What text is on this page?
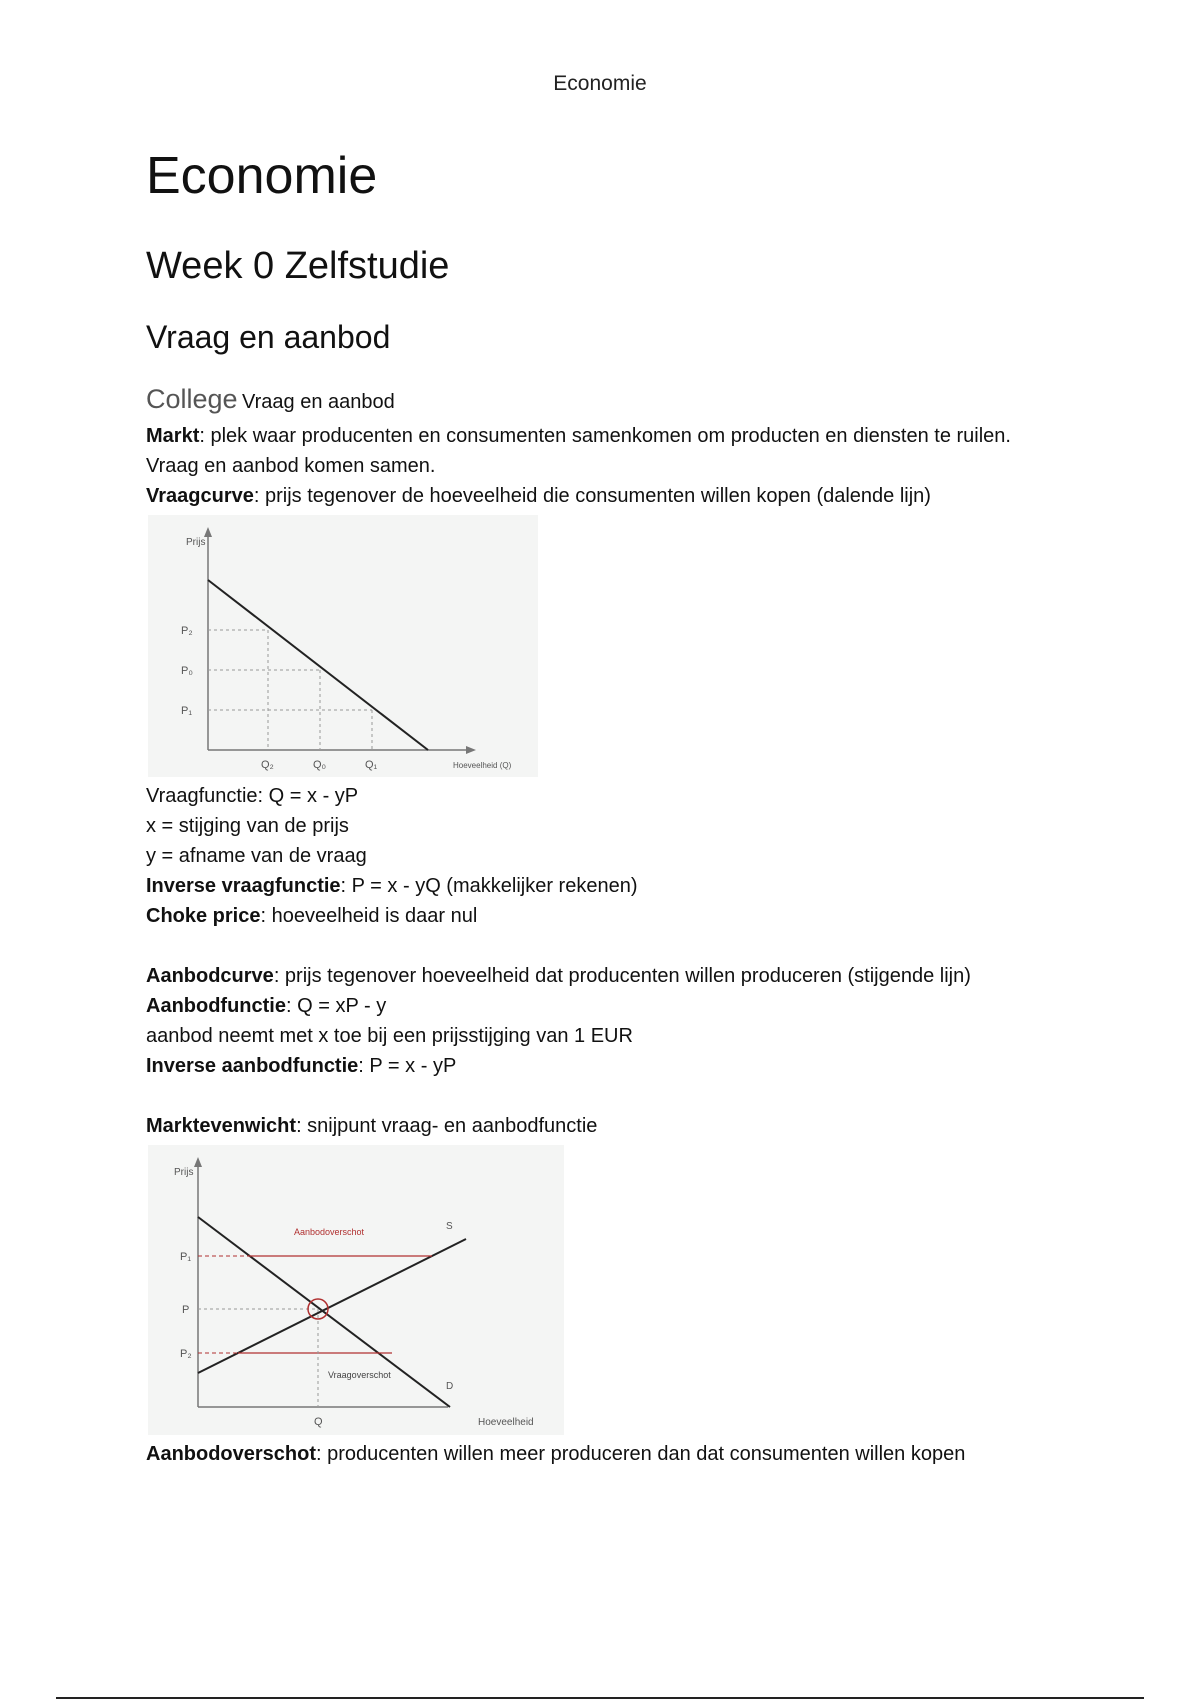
Economie
Economie
Week 0 Zelfstudie
Vraag en aanbod
College Vraag en aanbod

Markt: plek waar producenten en consumenten samenkomen om producten en diensten te ruilen. Vraag en aanbod komen samen.

Vraagcurve: prijs tegenover de hoeveelheid die consumenten willen kopen (dalende lijn)

Prijs
P₂
P₀
P₁
Q₂	Q₀	Q₁	Hoeveelheid (Q)

Vraagfunctie: Q = x - yP

x = stijging van de prijs

y = afname van de vraag

Inverse vraagfunctie: P = x - yQ (makkelijker rekenen)

Choke price: hoeveelheid is daar nul

Aanbodcurve: prijs tegenover hoeveelheid dat producenten willen produceren (stijgende lijn)

Aanbodfunctie: Q = xP - y

aanbod neemt met x toe bij een prijsstijging van 1 EUR

Inverse aanbodfunctie: P = x - yP

Marktevenwicht: snijpunt vraag- en aanbodfunctie

Prijs
P₁
P
P₂
Q	Hoeveelheid
S
D
Aanbodoverschot
Vraagoverschot

Aanbodoverschot: producenten willen meer produceren dan dat consumenten willen kopen
